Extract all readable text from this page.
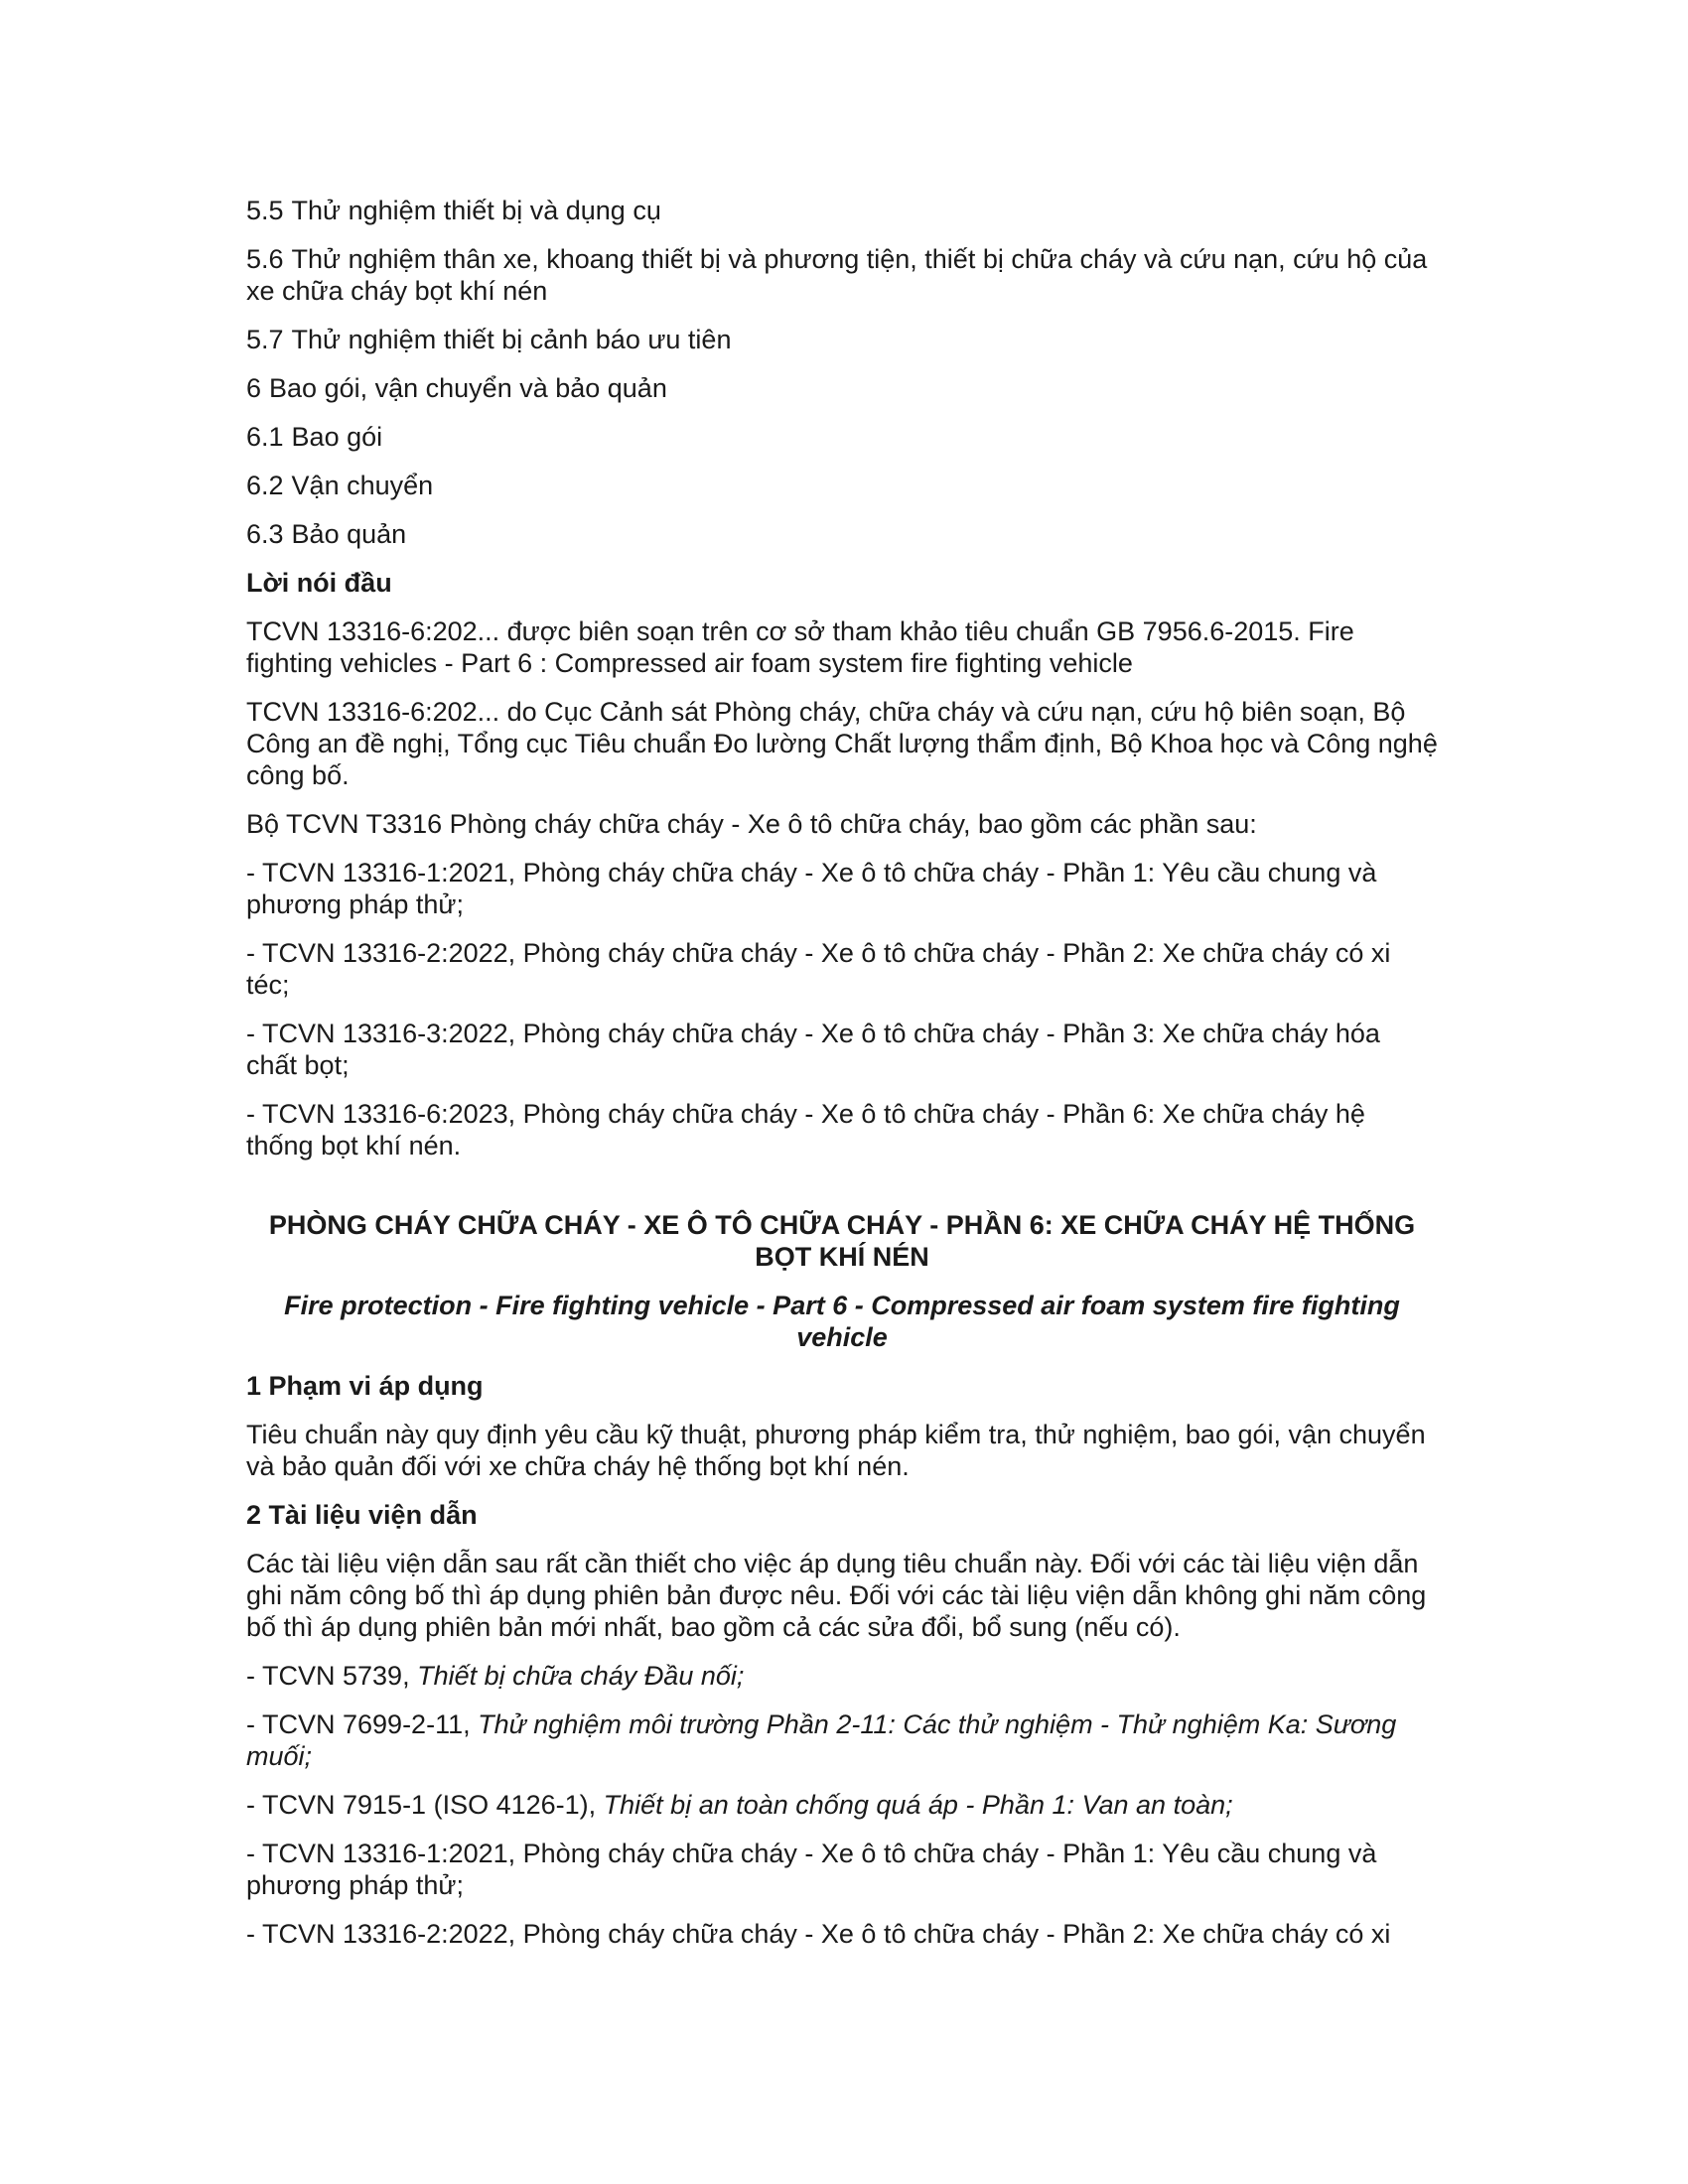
5.5 Thử nghiệm thiết bị và dụng cụ

5.6 Thử nghiệm thân xe, khoang thiết bị và phương tiện, thiết bị chữa cháy và cứu nạn, cứu hộ của xe chữa cháy bọt khí nén

5.7 Thử nghiệm thiết bị cảnh báo ưu tiên

6 Bao gói, vận chuyển và bảo quản

6.1 Bao gói

6.2 Vận chuyển

6.3 Bảo quản

Lời nói đầu

TCVN 13316-6:202... được biên soạn trên cơ sở tham khảo tiêu chuẩn GB 7956.6-2015. Fire fighting vehicles - Part 6 : Compressed air foam system fire fighting vehicle

TCVN 13316-6:202... do Cục Cảnh sát Phòng cháy, chữa cháy và cứu nạn, cứu hộ biên soạn, Bộ Công an đề nghị, Tổng cục Tiêu chuẩn Đo lường Chất lượng thẩm định, Bộ Khoa học và Công nghệ công bố.

Bộ TCVN T3316 Phòng cháy chữa cháy - Xe ô tô chữa cháy, bao gồm các phần sau:

- TCVN 13316-1:2021, Phòng cháy chữa cháy - Xe ô tô chữa cháy - Phần 1: Yêu cầu chung và phương pháp thử;

- TCVN 13316-2:2022, Phòng cháy chữa cháy - Xe ô tô chữa cháy - Phần 2: Xe chữa cháy có xi téc;

- TCVN 13316-3:2022, Phòng cháy chữa cháy - Xe ô tô chữa cháy - Phần 3: Xe chữa cháy hóa chất bọt;

- TCVN 13316-6:2023, Phòng cháy chữa cháy - Xe ô tô chữa cháy - Phần 6: Xe chữa cháy hệ thống bọt khí nén.

PHÒNG CHÁY CHỮA CHÁY - XE Ô TÔ CHỮA CHÁY - PHẦN 6: XE CHỮA CHÁY HỆ THỐNG BỌT KHÍ NÉN

Fire protection - Fire fighting vehicle - Part 6 - Compressed air foam system fire fighting vehicle

1 Phạm vi áp dụng

Tiêu chuẩn này quy định yêu cầu kỹ thuật, phương pháp kiểm tra, thử nghiệm, bao gói, vận chuyển và bảo quản đối với xe chữa cháy hệ thống bọt khí nén.

2 Tài liệu viện dẫn

Các tài liệu viện dẫn sau rất cần thiết cho việc áp dụng tiêu chuẩn này. Đối với các tài liệu viện dẫn ghi năm công bố thì áp dụng phiên bản được nêu. Đối với các tài liệu viện dẫn không ghi năm công bố thì áp dụng phiên bản mới nhất, bao gồm cả các sửa đổi, bổ sung (nếu có).

- TCVN 5739, Thiết bị chữa cháy Đầu nối;

- TCVN 7699-2-11, Thử nghiệm môi trường Phần 2-11: Các thử nghiệm - Thử nghiệm Ka: Sương muối;

- TCVN 7915-1 (ISO 4126-1), Thiết bị an toàn chống quá áp - Phần 1: Van an toàn;

- TCVN 13316-1:2021, Phòng cháy chữa cháy - Xe ô tô chữa cháy - Phần 1: Yêu cầu chung và phương pháp thử;

- TCVN 13316-2:2022, Phòng cháy chữa cháy - Xe ô tô chữa cháy - Phần 2: Xe chữa cháy có xi
